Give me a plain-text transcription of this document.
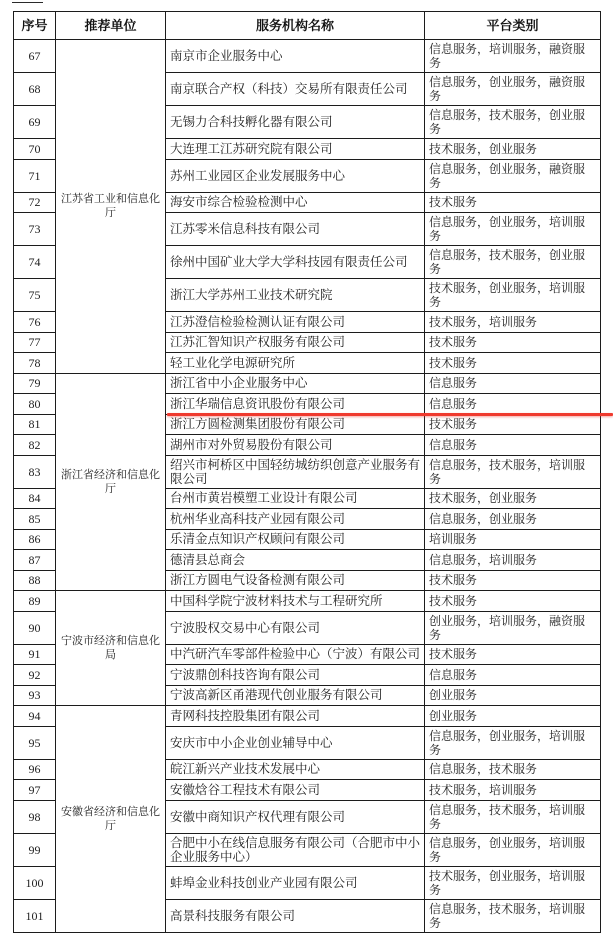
序号	推荐单位	服务机构名称	平台类别
67	江苏省工业和信息化厅	南京市企业服务中心	信息服务，培训服务，融资服务
68		南京联合产权（科技）交易所有限责任公司	信息服务，创业服务，融资服务
69		无锡力合科技孵化器有限公司	信息服务，技术服务，创业服务
70		大连理工江苏研究院有限公司	技术服务，创业服务
71		苏州工业园区企业发展服务中心	信息服务，创业服务，融资服务
72		海安市综合检验检测中心	技术服务
73		江苏零米信息科技有限公司	信息服务，创业服务，培训服务
74		徐州中国矿业大学大学科技园有限责任公司	信息服务，技术服务，创业服务
75		浙江大学苏州工业技术研究院	技术服务，创业服务，培训服务
76		江苏澄信检验检测认证有限公司	技术服务，培训服务
77		江苏汇智知识产权服务有限公司	技术服务
78		轻工业化学电源研究所	技术服务
79	浙江省经济和信息化厅	浙江省中小企业服务中心	信息服务
80		浙江华瑞信息资讯股份有限公司	信息服务
81		浙江方圆检测集团股份有限公司	技术服务
82		湖州市对外贸易股份有限公司	信息服务
83		绍兴市柯桥区中国轻纺城纺织创意产业服务有限公司	信息服务，技术服务，培训服务
84		台州市黄岩模塑工业设计有限公司	技术服务，创业服务
85		杭州华业高科技产业园有限公司	信息服务，创业服务
86		乐清金点知识产权顾问有限公司	培训服务
87		德清县总商会	信息服务，培训服务
88		浙江方圆电气设备检测有限公司	技术服务
89	宁波市经济和信息化局	中国科学院宁波材料技术与工程研究所	技术服务
90		宁波股权交易中心有限公司	创业服务，培训服务，融资服务
91		中汽研汽车零部件检验中心（宁波）有限公司	技术服务
92		宁波鼎创科技咨询有限公司	信息服务
93		宁波高新区甬港现代创业服务有限公司	创业服务
94	安徽省经济和信息化厅	青网科技控股集团有限公司	创业服务
95		安庆市中小企业创业辅导中心	信息服务，创业服务，培训服务
96		皖江新兴产业技术发展中心	信息服务，技术服务
97		安徽焓谷工程技术有限公司	技术服务，培训服务
98		安徽中商知识产权代理有限公司	信息服务，技术服务，培训服务
99		合肥中小在线信息服务有限公司（合肥市中小企业服务中心）	信息服务，创业服务，培训服务
100		蚌埠金业科技创业产业园有限公司	技术服务，创业服务，培训服务
101		高景科技服务有限公司	信息服务，技术服务，培训服务
